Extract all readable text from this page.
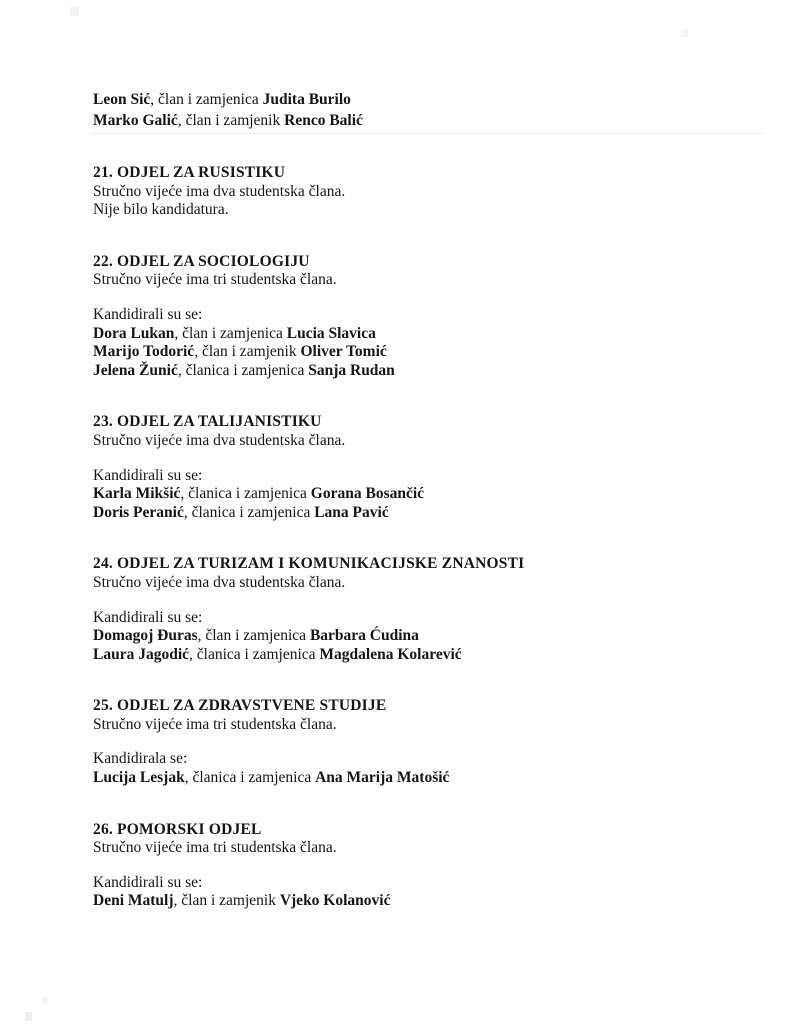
Leon Sić, član i zamjenica Judita Burilo
Marko Galić, član i zamjenik Renco Balić
21. ODJEL ZA RUSISTIKU
Stručno vijeće ima dva studentska člana.
Nije bilo kandidatura.
22. ODJEL ZA SOCIOLOGIJU
Stručno vijeće ima tri studentska člana.
Kandidirali su se:
Dora Lukan, član i zamjenica Lucia Slavica
Marijo Todorić, član i zamjenik Oliver Tomić
Jelena Žunić, članica i zamjenica Sanja Rudan
23. ODJEL ZA TALIJANISTIKU
Stručno vijeće ima dva studentska člana.
Kandidirali su se:
Karla Mikšić, članica i zamjenica Gorana Bosančić
Doris Peranić, članica i zamjenica Lana Pavić
24. ODJEL ZA TURIZAM I KOMUNIKACIJSKE ZNANOSTI
Stručno vijeće ima dva studentska člana.
Kandidirali su se:
Domagoj Đuras, član i zamjenica Barbara Ćudina
Laura Jagodić, članica i zamjenica Magdalena Kolarević
25. ODJEL ZA ZDRAVSTVENE STUDIJE
Stručno vijeće ima tri studentska člana.
Kandidirala se:
Lucija Lesjak, članica i zamjenica Ana Marija Matošić
26. POMORSKI ODJEL
Stručno vijeće ima tri studentska člana.
Kandidirali su se:
Deni Matulj, član i zamjenik Vjeko Kolanović
